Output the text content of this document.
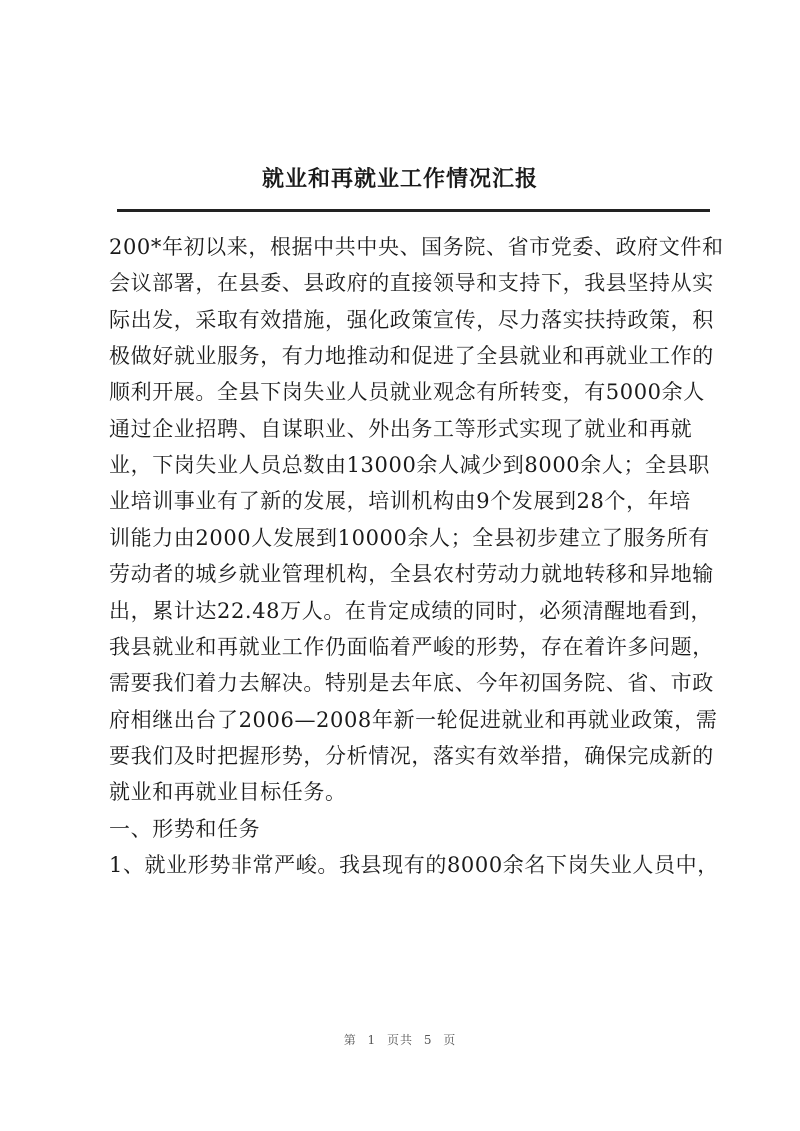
就业和再就业工作情况汇报
200*年初以来，根据中共中央、国务院、省市党委、政府文件和
会议部署，在县委、县政府的直接领导和支持下，我县坚持从实
际出发，采取有效措施，强化政策宣传，尽力落实扶持政策，积
极做好就业服务，有力地推动和促进了全县就业和再就业工作的
顺利开展。全县下岗失业人员就业观念有所转变，有5000余人
通过企业招聘、自谋职业、外出务工等形式实现了就业和再就
业，下岗失业人员总数由13000余人减少到8000余人；全县职
业培训事业有了新的发展，培训机构由9个发展到28个，年培
训能力由2000人发展到10000余人；全县初步建立了服务所有
劳动者的城乡就业管理机构，全县农村劳动力就地转移和异地输
出，累计达22.48万人。在肯定成绩的同时，必须清醒地看到，
我县就业和再就业工作仍面临着严峻的形势，存在着许多问题，
需要我们着力去解决。特别是去年底、今年初国务院、省、市政
府相继出台了2006—2008年新一轮促进就业和再就业政策，需
要我们及时把握形势，分析情况，落实有效举措，确保完成新的
就业和再就业目标任务。
一、形势和任务
1、就业形势非常严峻。我县现有的8000余名下岗失业人员中，
第 1 页共 5 页
